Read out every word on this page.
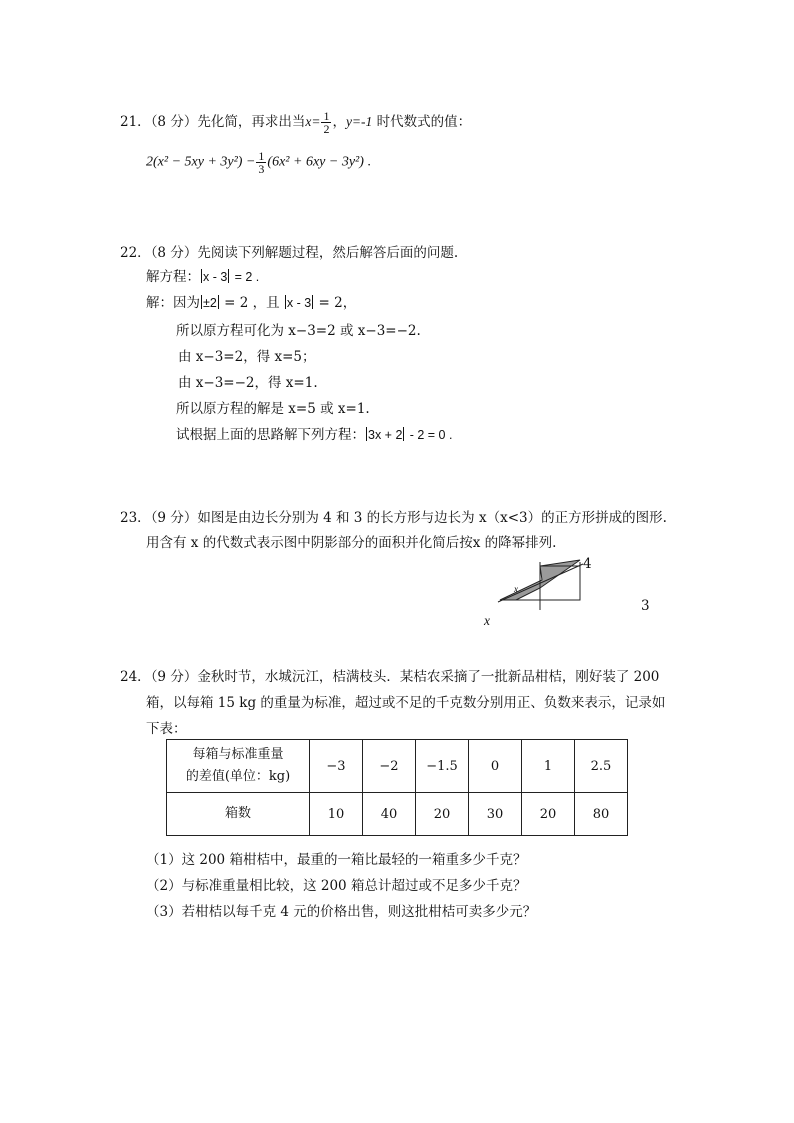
21．（8 分）先化简，再求出当$x= \frac{1}{2}$ ，y=-1 时代数式的值：
$2(x^2 - 5xy + 3y^2) - \frac{1}{3} (6x^2 + 6xy - 3y^2)$ .
22．（8 分）先阅读下列解题过程，然后解答后面的问题.
解方程： x - 3 = 2 .
解：因为 ±2 = 2 ，且 x - 3 = 2，
所以原方程可化为 x−3=2 或 x−3=−2.
由 x−3=2，得 x=5；
由 x−3=−2，得 x=1.
所以原方程的解是 x=5 或 x=1.
试根据上面的思路解下列方程： 3x + 2 - 2 = 0 .
23．（9 分）如图是由边长分别为 4 和 3 的长方形与边长为 x（x<3）的正方形拼成的图形.
用含有 x 的代数式表示图中阴影部分的面积并化简后按x 的降幂排列.
x
4
3
x
24．（9 分）金秋时节，水城沅江，桔满枝头．某桔农采摘了一批新品柑桔，刚好装了 200
箱，以每箱 15 kg 的重量为标准，超过或不足的千克数分别用正、负数来表示，记录如
下表：
每箱与标准重量
的差值(单位：kg)	−3	−2	−1.5	0	1	2.5
箱数	10	40	20	30	20	80
（1）这 200 箱柑桔中，最重的一箱比最轻的一箱重多少千克？
（2）与标准重量相比较，这 200 箱总计超过或不足多少千克？
（3）若柑桔以每千克 4 元的价格出售，则这批柑桔可卖多少元？
